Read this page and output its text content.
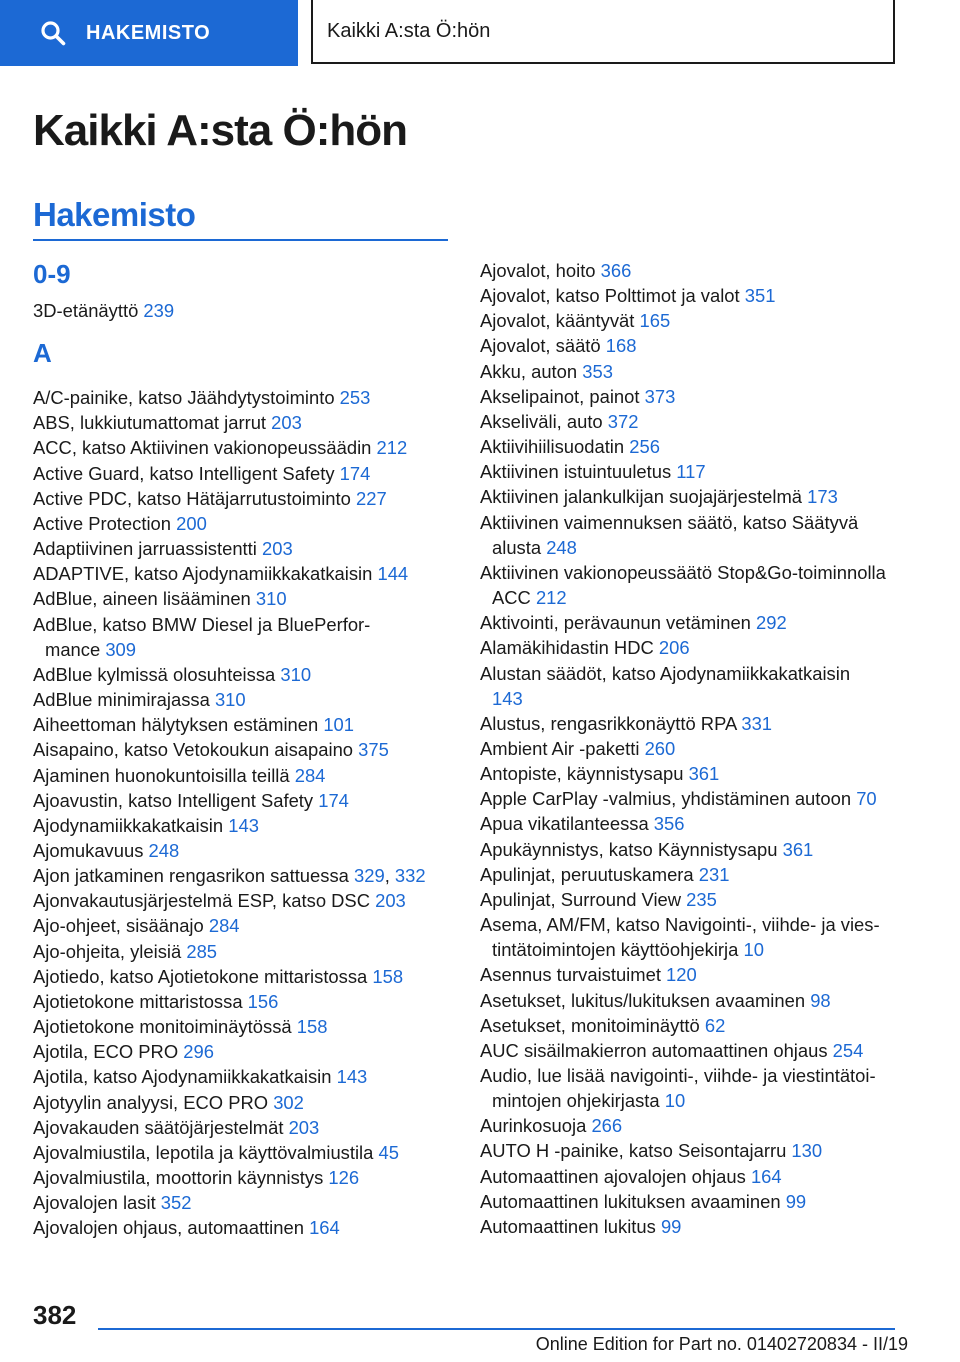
HAKEMISTO	Kaikki A:sta Ö:hön
Kaikki A:sta Ö:hön
Hakemisto
0-9
3D-etänäyttö 239
A
A/C-painike, katso Jäähdytystoiminto 253
ABS, lukkiutumattomat jarrut 203
ACC, katso Aktiivinen vakionopeussäädin 212
Active Guard, katso Intelligent Safety 174
Active PDC, katso Hätäjarrutustoiminto 227
Active Protection 200
Adaptiivinen jarruassistentti 203
ADAPTIVE, katso Ajodynamiikkakatkaisin 144
AdBlue, aineen lisääminen 310
AdBlue, katso BMW Diesel ja BluePerformance 309
AdBlue kylmissä olosuhteissa 310
AdBlue minimirajassa 310
Aiheettoman hälytyksen estäminen 101
Aisapaino, katso Vetokoukun aisapaino 375
Ajaminen huonokuntoisilla teillä 284
Ajoavustin, katso Intelligent Safety 174
Ajodynamiikkakatkaisin 143
Ajomukavuus 248
Ajon jatkaminen rengasrikon sattuessa 329, 332
Ajonvakautusjärjestelmä ESP, katso DSC 203
Ajo-ohjeet, sisäänajo 284
Ajo-ohjeita, yleisiä 285
Ajotiedo, katso Ajotietokone mittaristossa 158
Ajotietokone mittaristossa 156
Ajotietokone monitoiminäytössä 158
Ajotila, ECO PRO 296
Ajotila, katso Ajodynamiikkakatkaisin 143
Ajotyylin analyysi, ECO PRO 302
Ajovakauden säätöjärjestelmät 203
Ajovalmiustila, lepotila ja käyttövalmiustila 45
Ajovalmiustila, moottorin käynnistys 126
Ajovalojen lasit 352
Ajovalojen ohjaus, automaattinen 164
Ajovalot, hoito 366
Ajovalot, katso Polttimot ja valot 351
Ajovalot, kääntyvät 165
Ajovalot, säätö 168
Akku, auton 353
Akselipainot, painot 373
Akseliväli, auto 372
Aktiivihiilisuodatin 256
Aktiivinen istuintuuletus 117
Aktiivinen jalankulkijan suojajärjestelmä 173
Aktiivinen vaimennuksen säätö, katso Säätyvä alusta 248
Aktiivinen vakionopeussäätö Stop&Go-toiminnolla ACC 212
Aktivointi, perävaunun vetäminen 292
Alamäkihidastin HDC 206
Alustan säädöt, katso Ajodynamiikkakatkaisin 143
Alustus, rengasrikkonäyttö RPA 331
Ambient Air -paketti 260
Antopiste, käynnistysapu 361
Apple CarPlay -valmius, yhdistäminen autoon 70
Apua vikatilanteessa 356
Apukäynnistys, katso Käynnistysapu 361
Apulinjat, peruutuskamera 231
Apulinjat, Surround View 235
Asema, AM/FM, katso Navigointi-, viihde- ja viestintätoimintojen käyttöohjekirja 10
Asennus turvaistuimet 120
Asetukset, lukitus/lukituksen avaaminen 98
Asetukset, monitoiminäyttö 62
AUC sisäilmakierron automaattinen ohjaus 254
Audio, lue lisää navigointi-, viihde- ja viestintätoimintojen ohjekirjasta 10
Aurinkosuoja 266
AUTO H -painike, katso Seisontajarru 130
Automaattinen ajovalojen ohjaus 164
Automaattinen lukituksen avaaminen 99
Automaattinen lukitus 99
382
Online Edition for Part no. 01402720834 - II/19
